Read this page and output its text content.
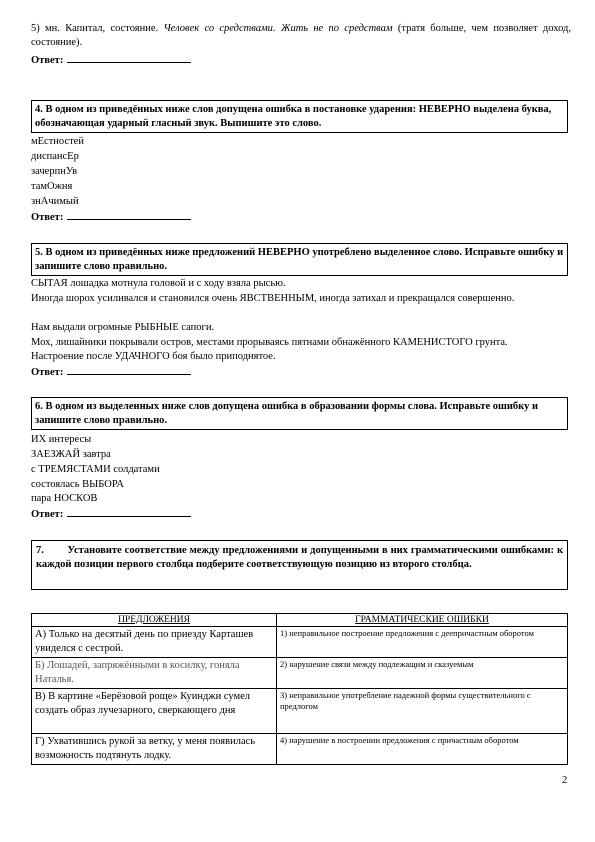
5) мн. Капитал, состояние. Человек со средствами. Жить не по средствам (тратя больше, чем позволяет доход, состояние).
Ответ:
4. В одном из приведённых ниже слов допущена ошибка в постановке ударения: НЕВЕРНО выделена буква, обозначающая ударный гласный звук. Выпишите это слово.
мЕстностей
диспансЕр
зачерпнУв
тамОжня
знАчимый
Ответ:
5. В одном из приведённых ниже предложений НЕВЕРНО употреблено выделенное слово. Исправьте ошибку и запишите слово правильно.
СЫТАЯ лошадка мотнула головой и с ходу взяла рысью.
Иногда шорох усиливался и становился очень ЯВСТВЕННЫМ, иногда затихал и прекращался совершенно.
Нам выдали огромные РЫБНЫЕ сапоги.
Мох, лишайники покрывали остров, местами прорываясь пятнами обнажённого КАМЕНИСТОГО грунта.
Настроение после УДАЧНОГО боя было приподнятое.
Ответ:
6. В одном из выделенных ниже слов допущена ошибка в образовании формы слова. Исправьте ошибку и запишите слово правильно.
ИХ интересы
ЗАЕЗЖАЙ завтра
с ТРЕМЯСТАМИ солдатами
состоялась ВЫБОРА
пара НОСКОВ
Ответ:
7. Установите соответствие между предложениями и допущенными в них грамматическими ошибками: к каждой позиции первого столбца подберите соответствующую позицию из второго столбца.
ПРЕДЛОЖЕНИЯ	ГРАММАТИЧЕСКИЕ ОШИБКИ
А) Только на десятый день по приезду Карташев увиделся с сестрой.	1) неправильное построение предложения с деепричастным оборотом
Б) Лошадей, запряжёнными в косилку, гоняла Наталья.	2) нарушение связи между подлежащим и сказуемым
В) В картине «Берёзовой роще» Куинджи сумел создать образ лучезарного, сверкающего дня	3) неправильное употребление падежной формы существительного с предлогом
Г) Ухватившись рукой за ветку, у меня появилась возможность подтянуть лодку.	4) нарушение в построении предложения с причастным оборотом
2
